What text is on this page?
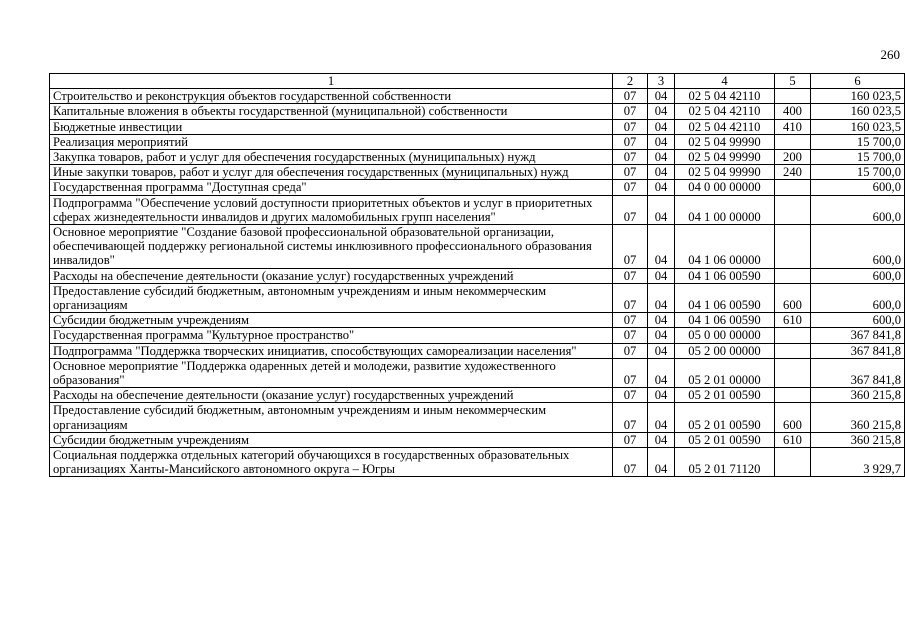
260
1	2	3	4	5	6
Строительство и реконструкция объектов государственной собственности	07	04	02 5 04 42110		160 023,5
Капитальные вложения в объекты государственной (муниципальной) собственности	07	04	02 5 04 42110	400	160 023,5
Бюджетные инвестиции	07	04	02 5 04 42110	410	160 023,5
Реализация мероприятий	07	04	02 5 04 99990		15 700,0
Закупка товаров, работ и услуг для обеспечения государственных (муниципальных) нужд	07	04	02 5 04 99990	200	15 700,0
Иные закупки товаров, работ и услуг для обеспечения государственных (муниципальных) нужд	07	04	02 5 04 99990	240	15 700,0
Государственная программа "Доступная среда"	07	04	04 0 00 00000		600,0
Подпрограмма "Обеспечение условий доступности приоритетных объектов и услуг в приоритетных сферах жизнедеятельности инвалидов и других маломобильных групп населения"	07	04	04 1 00 00000		600,0
Основное мероприятие "Создание базовой профессиональной образовательной организации, обеспечивающей поддержку региональной системы инклюзивного профессионального образования инвалидов"	07	04	04 1 06 00000		600,0
Расходы на обеспечение деятельности (оказание услуг) государственных учреждений	07	04	04 1 06 00590		600,0
Предоставление субсидий бюджетным, автономным учреждениям и иным некоммерческим организациям	07	04	04 1 06 00590	600	600,0
Субсидии бюджетным учреждениям	07	04	04 1 06 00590	610	600,0
Государственная программа "Культурное пространство"	07	04	05 0 00 00000		367 841,8
Подпрограмма "Поддержка творческих инициатив, способствующих самореализации населения"	07	04	05 2 00 00000		367 841,8
Основное мероприятие "Поддержка одаренных детей и молодежи, развитие художественного образования"	07	04	05 2 01 00000		367 841,8
Расходы на обеспечение деятельности (оказание услуг) государственных учреждений	07	04	05 2 01 00590		360 215,8
Предоставление субсидий бюджетным, автономным учреждениям и иным некоммерческим организациям	07	04	05 2 01 00590	600	360 215,8
Субсидии бюджетным учреждениям	07	04	05 2 01 00590	610	360 215,8
Социальная поддержка отдельных категорий обучающихся в государственных образовательных организациях Ханты-Мансийского автономного округа – Югры	07	04	05 2 01 71120		3 929,7
